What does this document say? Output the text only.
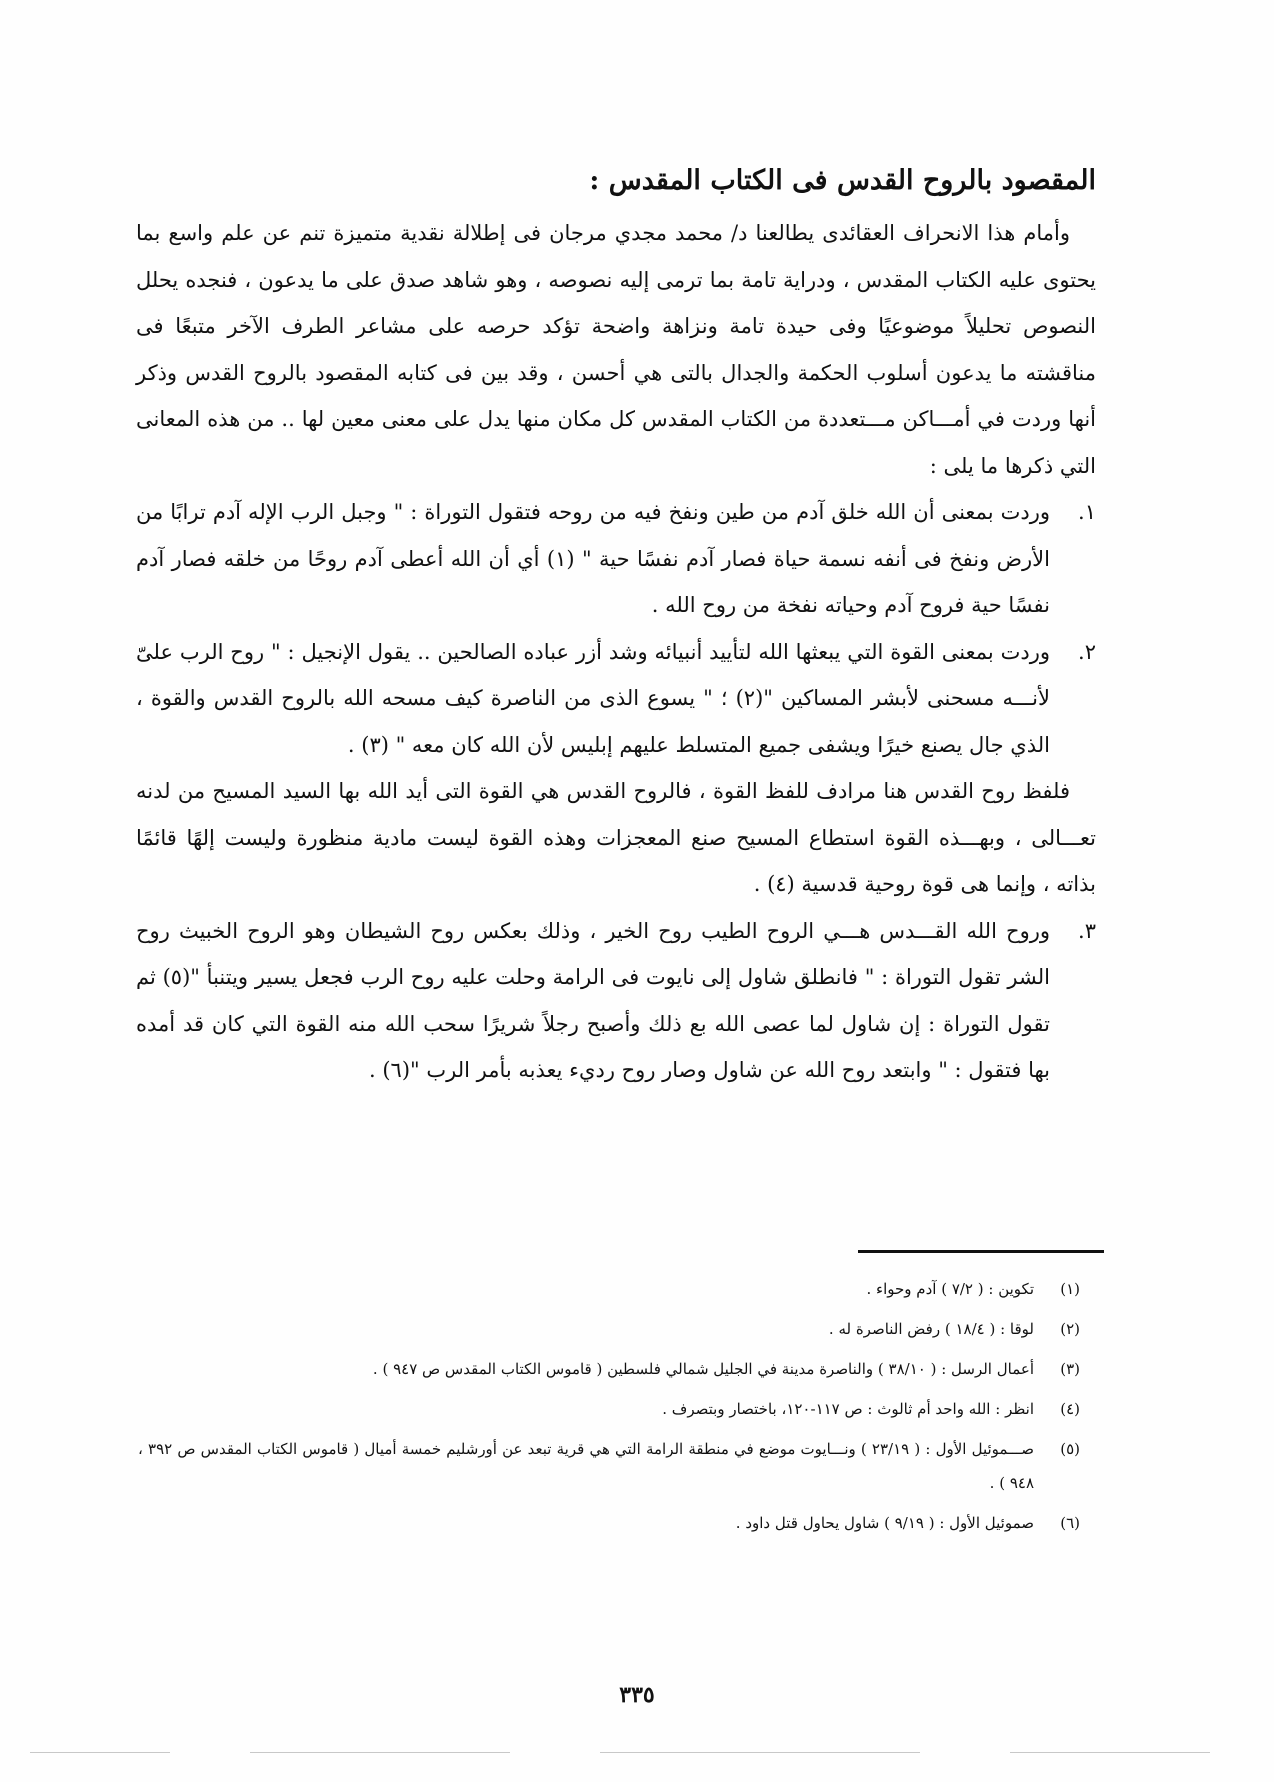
المقصود بالروح القدس فى الكتاب المقدس :

وأمام هذا الانحراف العقائدى يطالعنا د/ محمد مجدي مرجان فى إطلالة نقدية متميزة تنم عن علم واسع بما يحتوى عليه الكتاب المقدس ، ودراية تامة بما ترمى إليه نصوصه ، وهو شاهد صدق على ما يدعون ، فنجده يحلل النصوص تحليلاً موضوعيًا وفى حيدة تامة ونزاهة واضحة تؤكد حرصه على مشاعر الطرف الآخر متبعًا فى مناقشته ما يدعون أسلوب الحكمة والجدال بالتى هي أحسن ، وقد بين فى كتابه المقصود بالروح القدس وذكر أنها وردت في أمـــاكن مـــتعددة من الكتاب المقدس كل مكان منها يدل على معنى معين لها .. من هذه المعانى التي ذكرها ما يلى :

١.
وردت بمعنى أن الله خلق آدم من طين ونفخ فيه من روحه فتقول التوراة : " وجبل الرب الإله آدم ترابًا من الأرض ونفخ فى أنفه نسمة حياة فصار آدم نفسًا حية " (١) أي أن الله أعطى آدم روحًا من خلقه فصار آدم نفسًا حية فروح آدم وحياته نفخة من روح الله .
٢.
وردت بمعنى القوة التي يبعثها الله لتأييد أنبيائه وشد أزر عباده الصالحين .. يقول الإنجيل : " روح الرب علىّ لأنـــه مسحنى لأبشر المساكين "(٢) ؛ " يسوع الذى من الناصرة كيف مسحه الله بالروح القدس والقوة ، الذي جال يصنع خيرًا ويشفى جميع المتسلط عليهم إبليس لأن الله كان معه " (٣) .

فلفظ روح القدس هنا مرادف للفظ القوة ، فالروح القدس هي القوة التى أيد الله بها السيد المسيح من لدنه تعـــالى ، وبهـــذه القوة استطاع المسيح صنع المعجزات وهذه القوة ليست مادية منظورة وليست إلهًا قائمًا بذاته ، وإنما هى قوة روحية قدسية (٤) .

٣.
وروح الله القـــدس هـــي الروح الطيب روح الخير ، وذلك بعكس روح الشيطان وهو الروح الخبيث روح الشر تقول التوراة : " فانطلق شاول إلى نايوت فى الرامة وحلت عليه روح الرب فجعل يسير ويتنبأ "(٥) ثم تقول التوراة : إن شاول لما عصى الله بع ذلك وأصبح رجلاً شريرًا سحب الله منه القوة التي كان قد أمده بها فتقول : " وابتعد روح الله عن شاول وصار روح رديء يعذبه بأمر الرب "(٦) .
(١)
تكوين : ( ٧/٢ ) آدم وحواء .
(٢)
لوقا : ( ١٨/٤ ) رفض الناصرة له .
(٣)
أعمال الرسل : ( ٣٨/١٠ ) والناصرة مدينة في الجليل شمالي فلسطين ( قاموس الكتاب المقدس ص ٩٤٧ ) .
(٤)
انظر : الله واحد أم ثالوث : ص ١١٧-١٢٠، باختصار وبتصرف .
(٥)
صـــموئيل الأول : ( ٢٣/١٩ ) ونـــايوت موضع في منطقة الرامة التي هي قرية تبعد عن أورشليم خمسة أميال ( قاموس الكتاب المقدس ص ٣٩٢ ، ٩٤٨ ) .
(٦)
صموئيل الأول : ( ٩/١٩ ) شاول يحاول قتل داود .
٣٣٥
